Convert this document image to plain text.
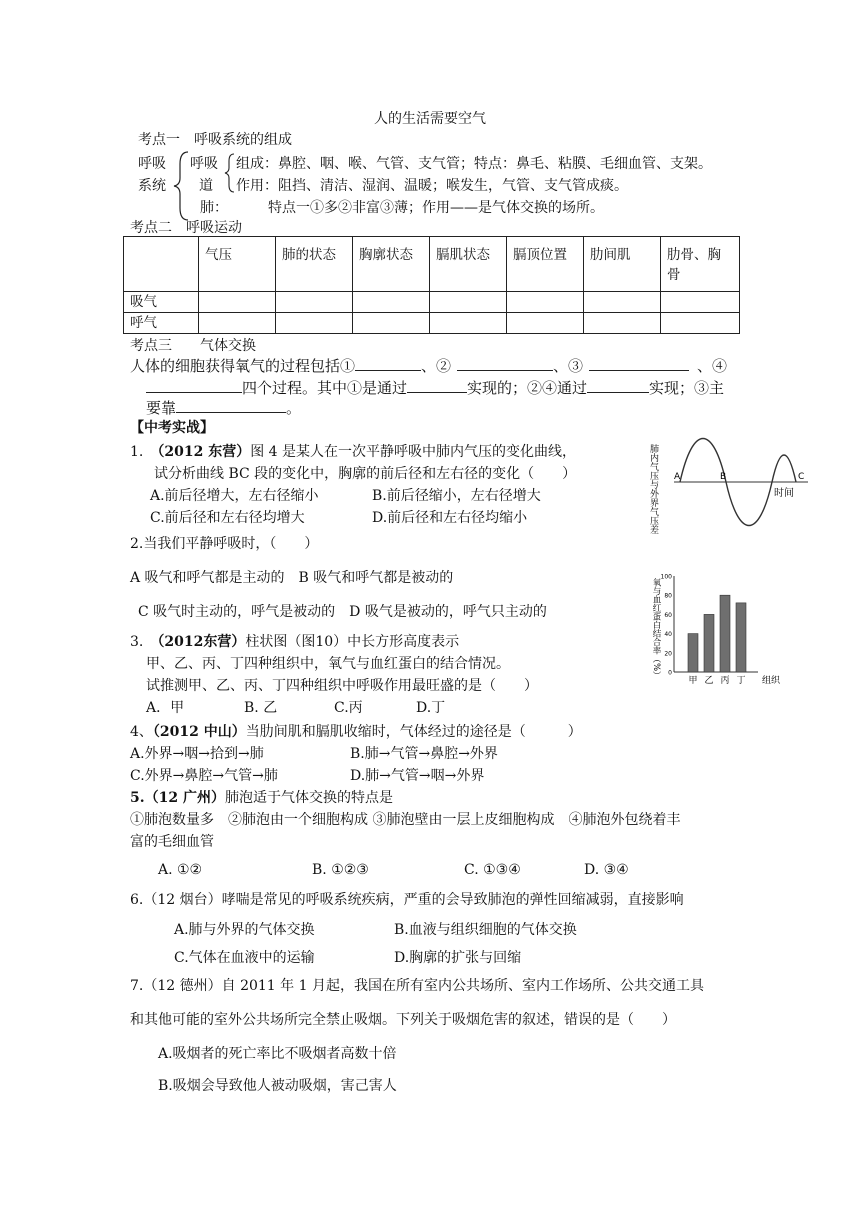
人的生活需要空气
考点一　呼吸系统的组成
呼吸
系统
呼吸
道
组成：鼻腔、咽、喉、气管、支气管；特点：鼻毛、粘膜、毛细血管、支架。
作用：阻挡、清洁、湿润、温暖；喉发生，气管、支气管成痰。
肺：	特点一①多②非富③薄；作用——是气体交换的场所。
考点二　呼吸运动
	气压	肺的状态	胸廓状态	膈肌状态	膈顶位置	肋间肌	肋骨、胸骨
吸气							
呼气							
考点三　　气体交换
人体的细胞获得氧气的过程包括①	、②	、③	、④
四个过程。其中①是通过	实现的；②④通过	实现；③主
要靠	。
【中考实战】
1.　 （2012 东营）图 4 是某人在一次平静呼吸中肺内气压的变化曲线，
试分析曲线 BC 段的变化中，胸廓的前后径和左右径的变化（　　）
A.前后径增大，左右径缩小	B.前后径缩小，左右径增大
C.前后径和左右径均增大	D.前后径和左右径均缩小	肺内气压与外界气压差 A	B	C
时间
2.当我们平静呼吸时，（　　）
A 吸气和呼气都是主动的　B 吸气和呼气都是被动的
C 吸气时主动的，呼气是被动的　D 吸气是被动的，呼气只主动的	氧与血红蛋白结合率（%） 0
20
40
60
80
100
甲 乙 丙 丁 组织
3.　 （2012东营）柱状图（图10）中长方形高度表示
甲、乙、丙、丁四种组织中，氧气与血红蛋白的结合情况。
试推测甲、乙、丙、丁四种组织中呼吸作用最旺盛的是（　　）
A．甲	B. 乙	C.丙	D.丁
4、（2012 中山）当肋间肌和膈肌收缩时，气体经过的途径是（　　　）
A.外界→咽→拾到→肺	B.肺→气管→鼻腔→外界
C.外界→鼻腔→气管→肺	D.肺→气管→咽→外界
5.（12 广州）肺泡适于气体交换的特点是
①肺泡数量多　②肺泡由一个细胞构成 ③肺泡壁由一层上皮细胞构成　④肺泡外包绕着丰
富的毛细血管
A. ①②	B. ①②③	C. ①③④	D. ③④
6.（12 烟台）哮喘是常见的呼吸系统疾病，严重的会导致肺泡的弹性回缩减弱，直接影响
A.肺与外界的气体交换	B.血液与组织细胞的气体交换
C.气体在血液中的运输	D.胸廓的扩张与回缩
7.（12 德州）自 2011 年 1 月起，我国在所有室内公共场所、室内工作场所、公共交通工具
和其他可能的室外公共场所完全禁止吸烟。下列关于吸烟危害的叙述，错误的是（　　）
A.吸烟者的死亡率比不吸烟者高数十倍
B.吸烟会导致他人被动吸烟，害己害人
